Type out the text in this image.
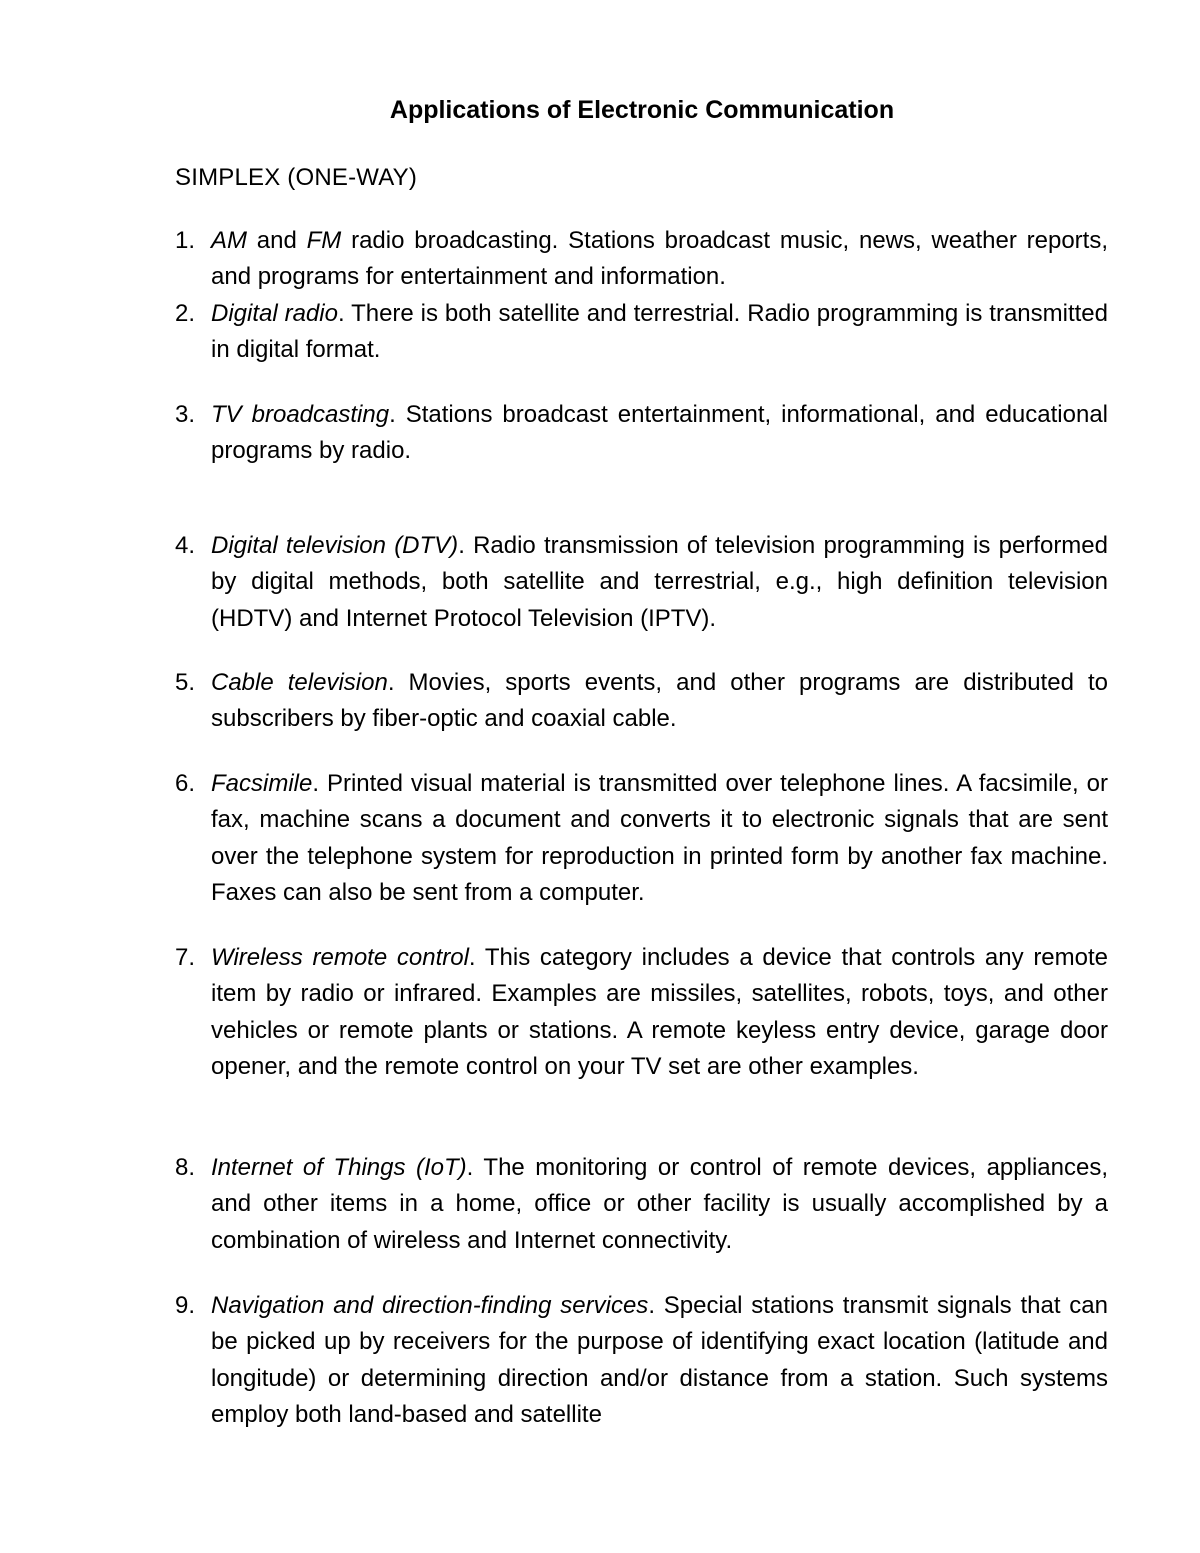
Applications of Electronic Communication

SIMPLEX (ONE-WAY)

1. AM and FM radio broadcasting. Stations broadcast music, news, weather reports, and programs for entertainment and information.
2. Digital radio. There is both satellite and terrestrial. Radio programming is transmitted in digital format.
3. TV broadcasting. Stations broadcast entertainment, informational, and educational programs by radio.
4. Digital television (DTV). Radio transmission of television programming is performed by digital methods, both satellite and terrestrial, e.g., high definition television (HDTV) and Internet Protocol Television (IPTV).
5. Cable television. Movies, sports events, and other programs are distributed to subscribers by fiber-optic and coaxial cable.
6. Facsimile. Printed visual material is transmitted over telephone lines. A facsimile, or fax, machine scans a document and converts it to electronic signals that are sent over the telephone system for reproduction in printed form by another fax machine. Faxes can also be sent from a computer.
7. Wireless remote control. This category includes a device that controls any remote item by radio or infrared. Examples are missiles, satellites, robots, toys, and other vehicles or remote plants or stations. A remote keyless entry device, garage door opener, and the remote control on your TV set are other examples.
8. Internet of Things (IoT). The monitoring or control of remote devices, appliances, and other items in a home, office or other facility is usually accomplished by a combination of wireless and Internet connectivity.
9. Navigation and direction-finding services. Special stations transmit signals that can be picked up by receivers for the purpose of identifying exact location (latitude and longitude) or determining direction and/or distance from a station. Such systems employ both land-based and satellite
